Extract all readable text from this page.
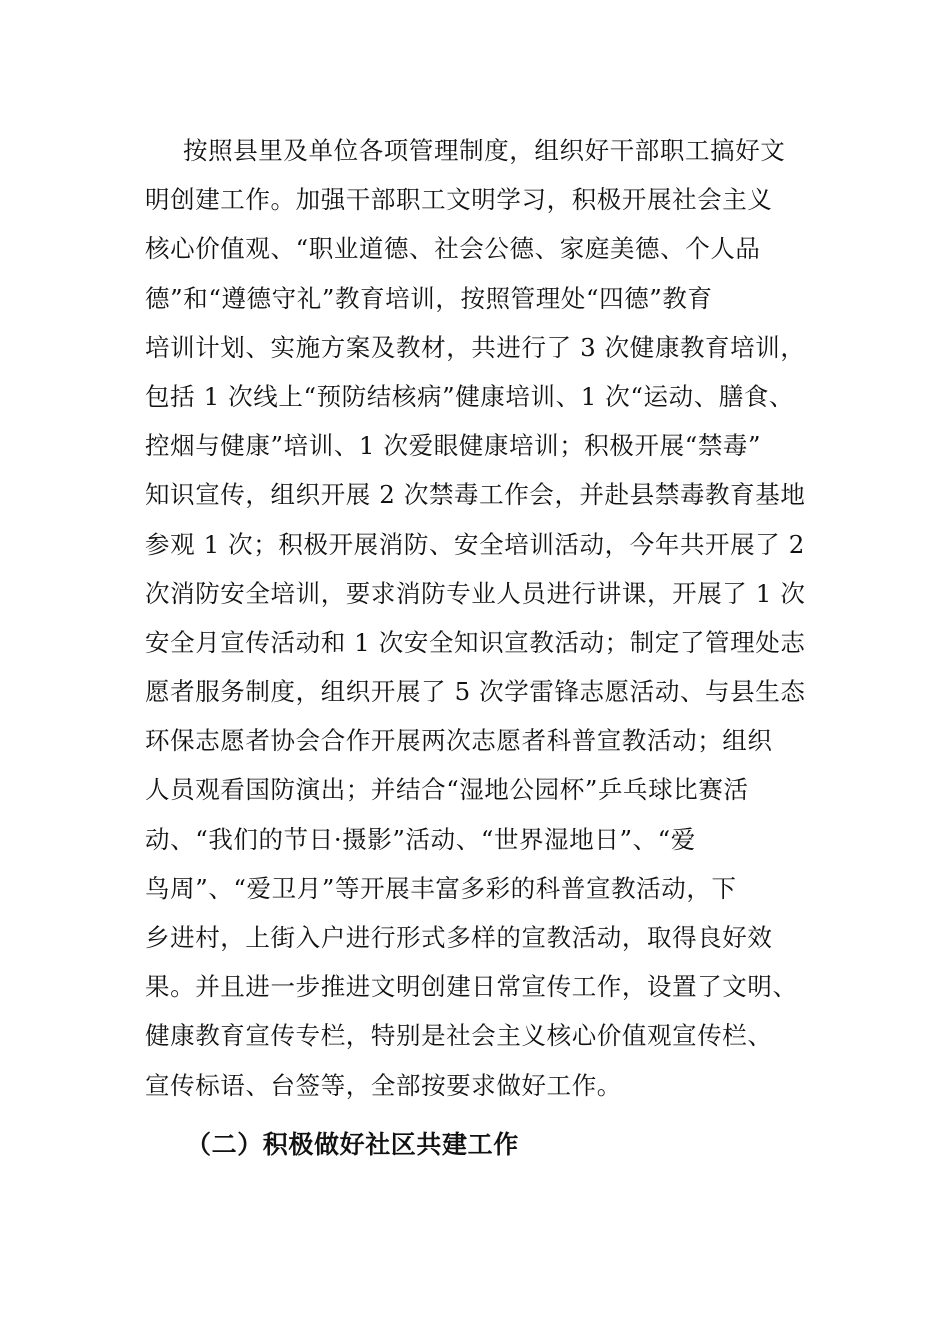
按照县里及单位各项管理制度，组织好干部职工搞好文
明创建工作。加强干部职工文明学习，积极开展社会主义
核心价值观、“职业道德、社会公德、家庭美德、个人品
德”和“遵德守礼”教育培训，按照管理处“四德”教育
培训计划、实施方案及教材，共进行了 3 次健康教育培训，
包括 1 次线上“预防结核病”健康培训、1 次“运动、膳食、
控烟与健康”培训、1 次爱眼健康培训；积极开展“禁毒”
知识宣传，组织开展 2 次禁毒工作会，并赴县禁毒教育基地
参观 1 次；积极开展消防、安全培训活动，今年共开展了 2
次消防安全培训，要求消防专业人员进行讲课，开展了 1 次
安全月宣传活动和 1 次安全知识宣教活动；制定了管理处志
愿者服务制度，组织开展了 5 次学雷锋志愿活动、与县生态
环保志愿者协会合作开展两次志愿者科普宣教活动；组织
人员观看国防演出；并结合“湿地公园杯”乒乓球比赛活
动、“我们的节日·摄影”活动、“世界湿地日”、“爱
鸟周”、“爱卫月”等开展丰富多彩的科普宣教活动，下
乡进村，上街入户进行形式多样的宣教活动，取得良好效
果。并且进一步推进文明创建日常宣传工作，设置了文明、
健康教育宣传专栏，特别是社会主义核心价值观宣传栏、
宣传标语、台签等，全部按要求做好工作。
（二）积极做好社区共建工作
